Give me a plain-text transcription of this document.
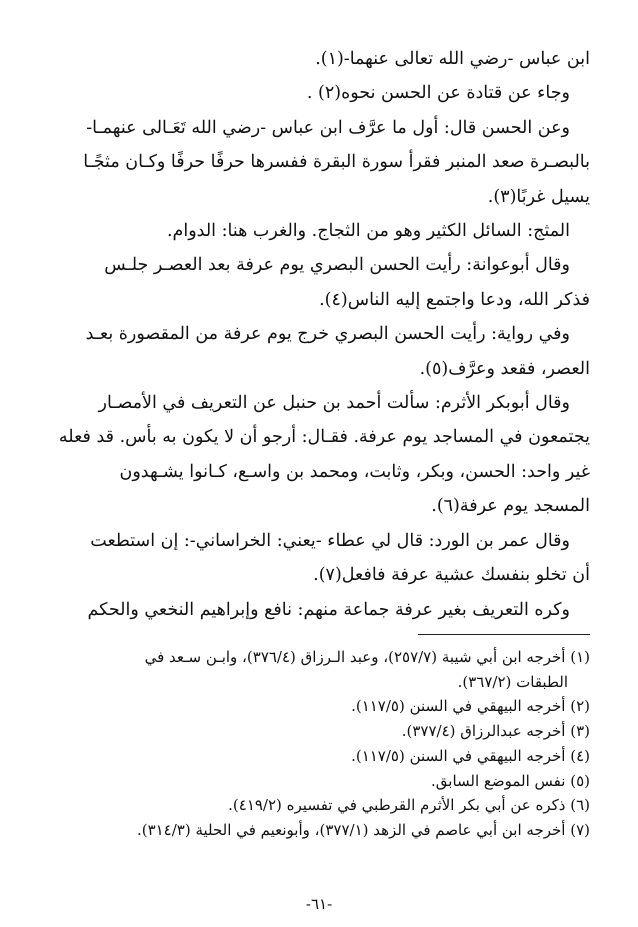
ابن عباس -رضي الله تعالى عنهما-(١).

وجاء عن قتادة عن الحسن نحوه(٢) .

وعن الحسن قال: أول ما عرَّف ابن عباس -رضي الله تَعَـالى عنهمـا-

بالبصـرة صعد المنبر فقرأ سورة البقرة ففسرها حرفًا حرفًا وكـان مثجًـا

يسيل غربًا(٣).

المثج: السائل الكثير وهو من الثجاج. والغرب هنا: الدوام.

وقال أبوعوانة: رأيت الحسن البصري يوم عرفة بعد العصـر جلـس

فذكر الله، ودعا واجتمع إليه الناس(٤).

وفي رواية: رأيت الحسن البصري خرج يوم عرفة من المقصورة بعـد

العصر، فقعد وعرَّف(٥).

وقال أبوبكر الأثرم: سألت أحمد بن حنبل عن التعريف في الأمصـار

يجتمعون في المساجد يوم عرفة. فقـال: أرجو أن لا يكون به بأس. قد فعله

غير واحد: الحسن، وبكر، وثابت، ومحمد بن واسـع، كـانوا يشـهدون

المسجد يوم عرفة(٦).

وقال عمر بن الورد: قال لي عطاء -يعني: الخراساني-: إن استطعت

أن تخلو بنفسك عشية عرفة فافعل(٧).

وكره التعريف بغير عرفة جماعة منهم: نافع وإبراهيم النخعي والحكم

(١) أخرجه ابن أبي شيبة (٢٥٧/٧)، وعبد الـرزاق (٣٧٦/٤)، وابـن سـعد في
الطبقات (٣٦٧/٢).
(٢) أخرجه البيهقي في السنن (١١٧/٥).
(٣) أخرجه عبدالرزاق (٣٧٧/٤).
(٤) أخرجه البيهقي في السنن (١١٧/٥).
(٥) نفس الموضع السابق.
(٦) ذكره عن أبي بكر الأثرم القرطبي في تفسيره (٤١٩/٢).
(٧) أخرجه ابن أبي عاصم في الزهد (٣٧٧/١)، وأبونعيم في الحلية (٣١٤/٣).
-٦١-
